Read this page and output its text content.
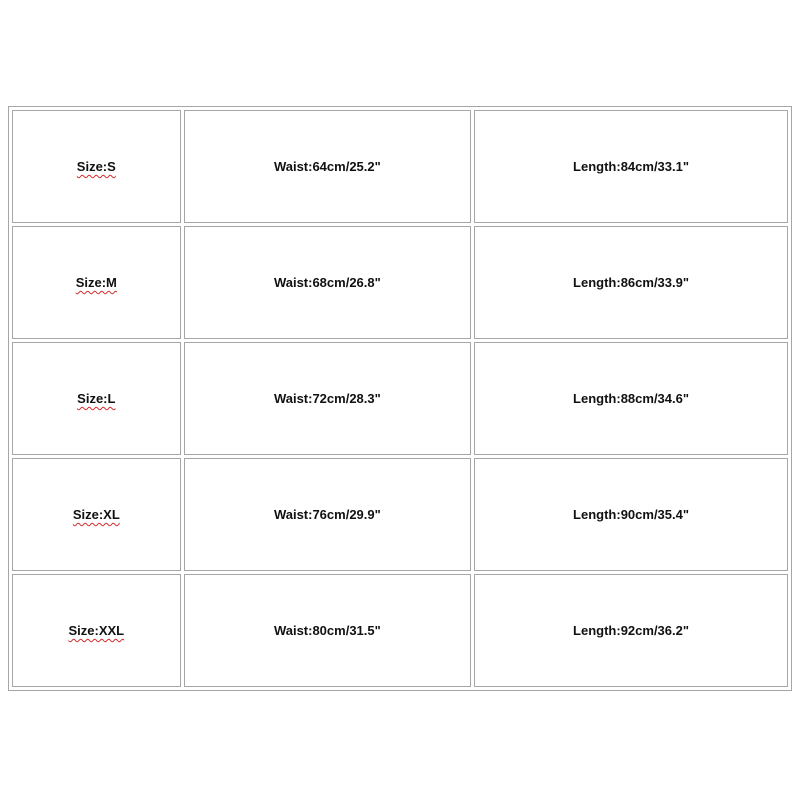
Size:S	Waist:64cm/25.2"	Length:84cm/33.1"
Size:M	Waist:68cm/26.8"	Length:86cm/33.9"
Size:L	Waist:72cm/28.3"	Length:88cm/34.6"
Size:XL	Waist:76cm/29.9"	Length:90cm/35.4"
Size:XXL	Waist:80cm/31.5"	Length:92cm/36.2"
